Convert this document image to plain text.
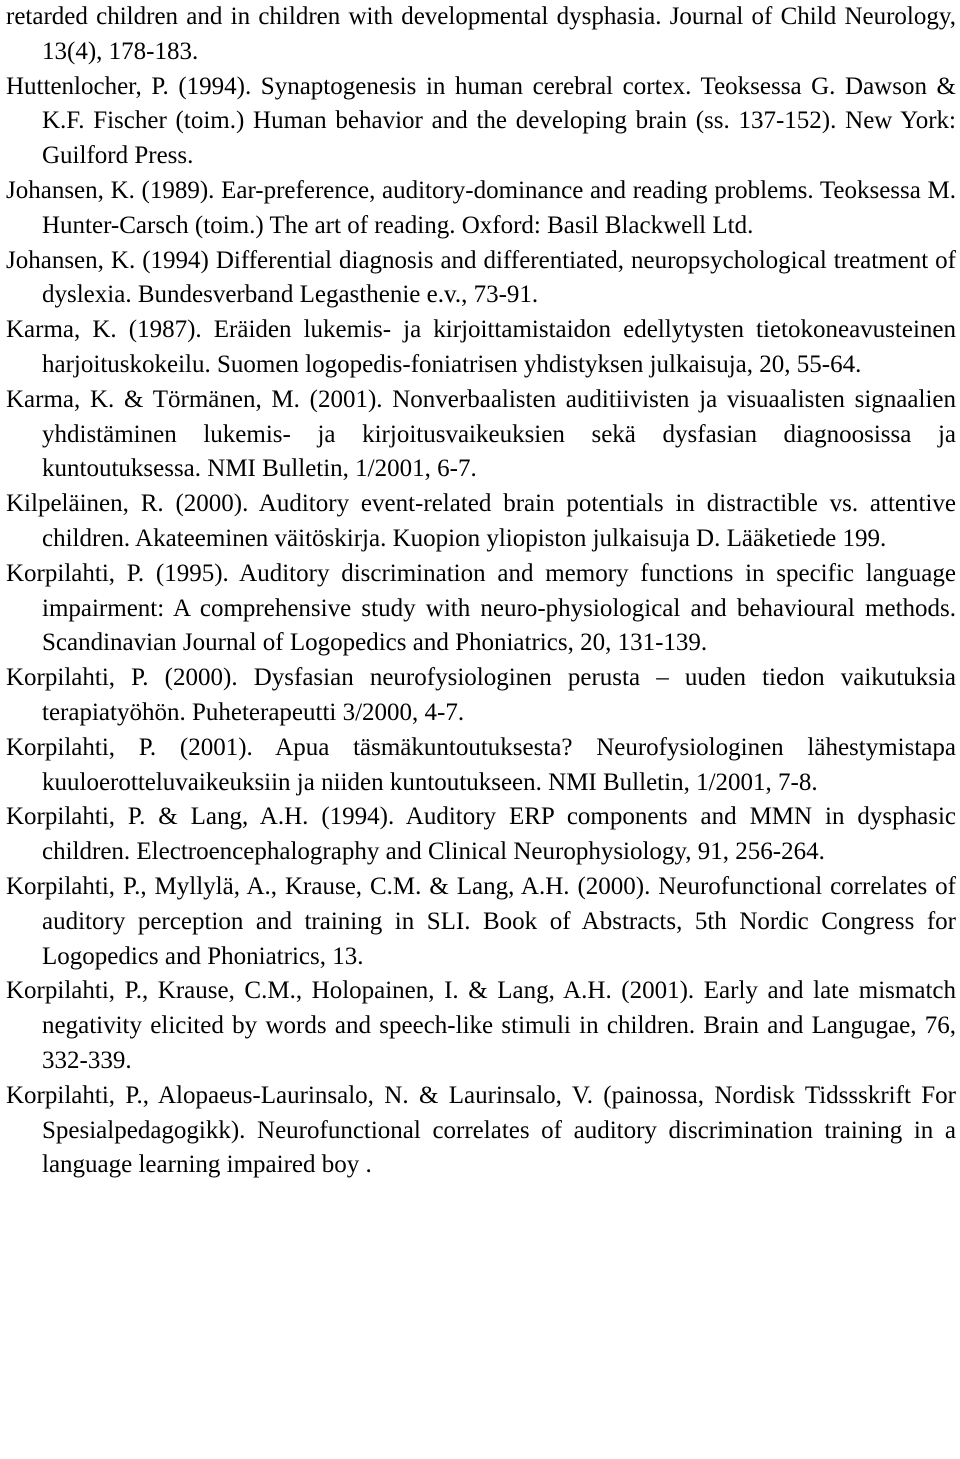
retarded children and in children with developmental dysphasia. Journal of Child Neurology, 13(4), 178-183.

Huttenlocher, P. (1994). Synaptogenesis in human cerebral cortex. Teoksessa G. Dawson & K.F. Fischer (toim.) Human behavior and the developing brain (ss. 137-152). New York: Guilford Press.

Johansen, K. (1989). Ear-preference, auditory-dominance and reading problems. Teoksessa M. Hunter-Carsch (toim.) The art of reading. Oxford: Basil Blackwell Ltd.

Johansen, K. (1994) Differential diagnosis and differentiated, neuropsychological treatment of dyslexia. Bundesverband Legasthenie e.v., 73-91.

Karma, K. (1987). Eräiden lukemis- ja kirjoittamistaidon edellytysten tietokoneavusteinen harjoituskokeilu. Suomen logopedis-foniatrisen yhdistyksen julkaisuja, 20, 55-64.

Karma, K. & Törmänen, M. (2001). Nonverbaalisten auditiivisten ja visuaalisten signaalien yhdistäminen lukemis- ja kirjoitusvaikeuksien sekä dysfasian diagnoosissa ja kuntoutuksessa. NMI Bulletin, 1/2001, 6-7.

Kilpeläinen, R. (2000). Auditory event-related brain potentials in distractible vs. attentive children. Akateeminen väitöskirja. Kuopion yliopiston julkaisuja D. Lääketiede 199.

Korpilahti, P. (1995). Auditory discrimination and memory functions in specific language impairment: A comprehensive study with neuro-physiological and behavioural methods. Scandinavian Journal of Logopedics and Phoniatrics, 20, 131-139.

Korpilahti, P. (2000). Dysfasian neurofysiologinen perusta – uuden tiedon vaikutuksia terapiatyöhön. Puheterapeutti 3/2000, 4-7.

Korpilahti, P. (2001). Apua täsmäkuntoutuksesta? Neurofysiologinen lähestymistapa kuuloerotteluvaikeuksiin ja niiden kuntoutukseen. NMI Bulletin, 1/2001, 7-8.

Korpilahti, P. & Lang, A.H. (1994). Auditory ERP components and MMN in dysphasic children. Electroencephalography and Clinical Neurophysiology, 91, 256-264.

Korpilahti, P., Myllylä, A., Krause, C.M. & Lang, A.H. (2000). Neurofunctional correlates of auditory perception and training in SLI. Book of Abstracts, 5th Nordic Congress for Logopedics and Phoniatrics, 13.

Korpilahti, P., Krause, C.M., Holopainen, I. & Lang, A.H. (2001). Early and late mismatch negativity elicited by words and speech-like stimuli in children. Brain and Langugae, 76, 332-339.

Korpilahti, P., Alopaeus-Laurinsalo, N. & Laurinsalo, V. (painossa, Nordisk Tidssskrift For Spesialpedagogikk). Neurofunctional correlates of auditory discrimination training in a language learning impaired boy .
